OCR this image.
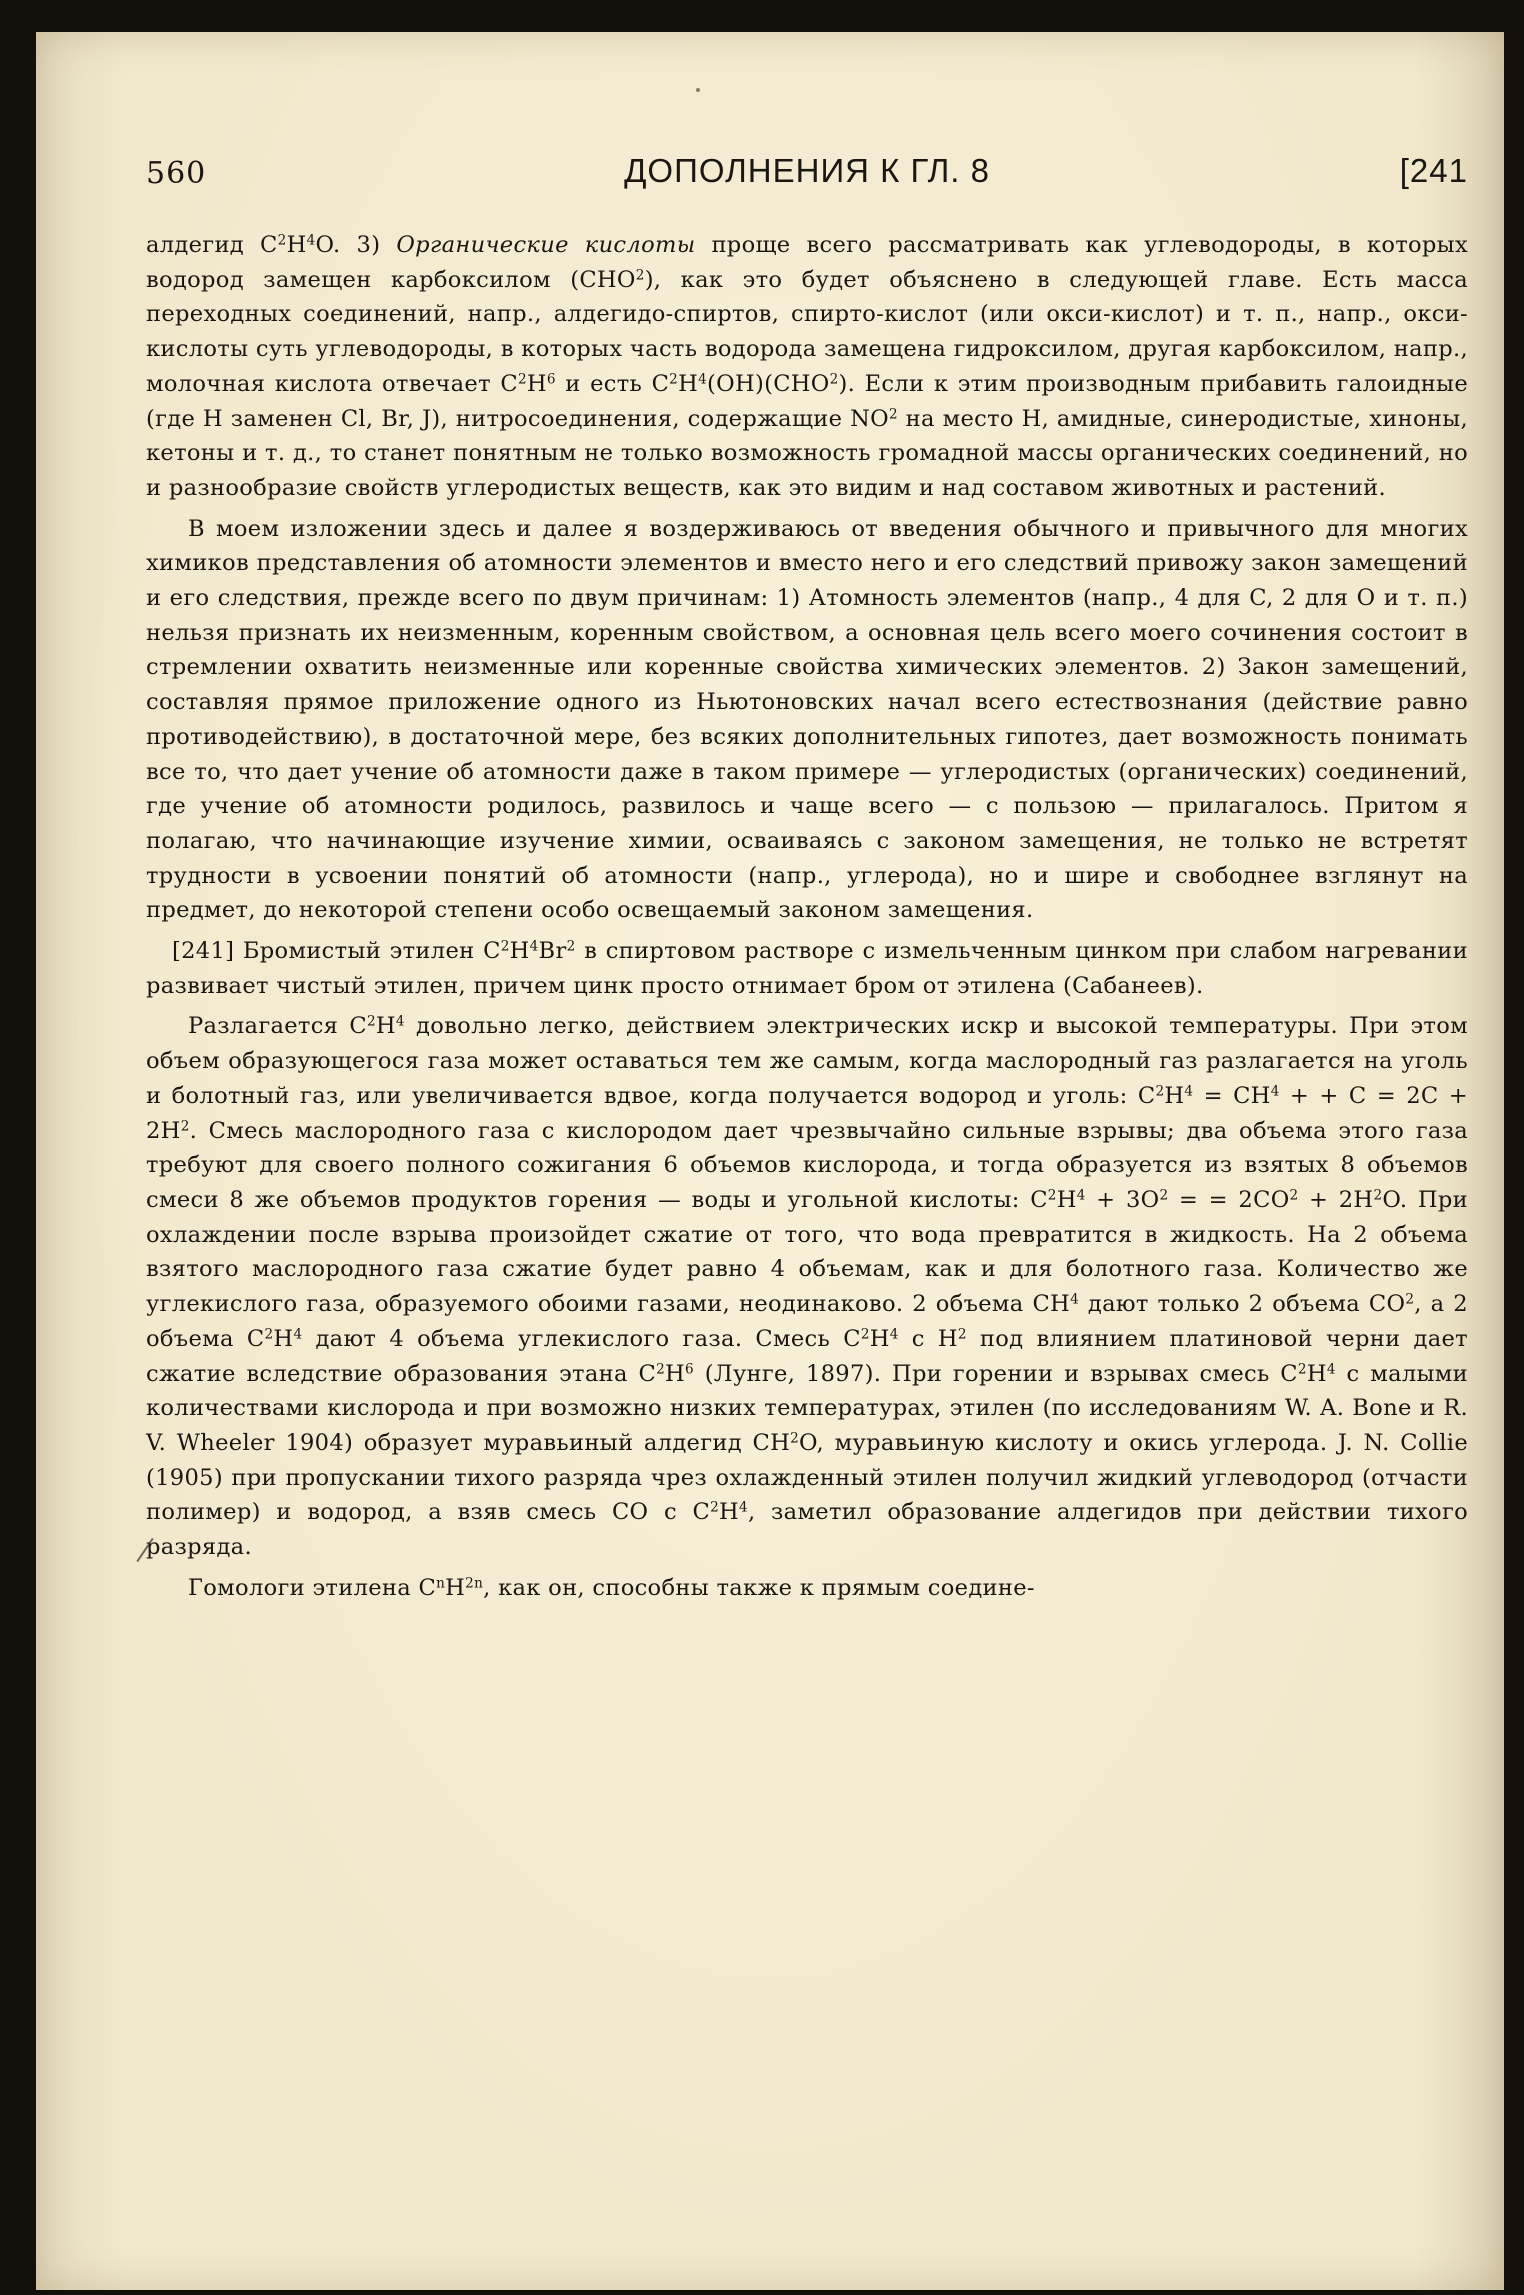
560	ДОПОЛНЕНИЯ К ГЛ. 8	[241

алдегид $C^2H^4O$. 3) Органические кислоты проще всего рассматривать как углеводороды, в которых водород замещен карбоксилом (CHO$^2$), как это будет объяснено в следующей главе. Есть масса переходных соединений, напр., алдегидо-спиртов, спирто-кислот (или окси-кислот) и т. п., напр., окси-кислоты суть углеводороды, в которых часть водорода замещена гидроксилом, другая карбоксилом, напр., молочная кислота отвечает $C^2H^6$ и есть $C^2H^4(OH)(CHO^2)$. Если к этим производным прибавить галоидные (где H заменен Cl, Br, J), нитросоединения, содержащие $NO^2$ на место H, амидные, синеродистые, хиноны, кетоны и т. д., то станет понятным не только возможность громадной массы органических соединений, но и разнообразие свойств углеродистых веществ, как это видим и над составом животных и растений.

В моем изложении здесь и далее я воздерживаюсь от введения обычного и привычного для многих химиков представления об атомности элементов и вместо него и его следствий привожу закон замещений и его следствия, прежде всего по двум причинам: 1) Атомность элементов (напр., 4 для C, 2 для O и т. п.) нельзя признать их неизменным, коренным свойством, а основная цель всего моего сочинения состоит в стремлении охватить неизменные или коренные свойства химических элементов. 2) Закон замещений, составляя прямое приложение одного из Ньютоновских начал всего естествознания (действие равно противодействию), в достаточной мере, без всяких дополнительных гипотез, дает возможность понимать все то, что дает учение об атомности даже в таком примере — углеродистых (органических) соединений, где учение об атомности родилось, развилось и чаще всего — с пользою — прилагалось. Притом я полагаю, что начинающие изучение химии, осваиваясь с законом замещения, не только не встретят трудности в усвоении понятий об атомности (напр., углерода), но и шире и свободнее взглянут на предмет, до некоторой степени особо освещаемый законом замещения.

[241] Бромистый этилен $C^2H^4Br^2$ в спиртовом растворе с измельченным цинком при слабом нагревании развивает чистый этилен, причем цинк просто отнимает бром от этилена (Сабанеев).

Разлагается $C^2H^4$ довольно легко, действием электрических искр и высокой температуры. При этом объем образующегося газа может оставаться тем же самым, когда маслородный газ разлагается на уголь и болотный газ, или увеличивается вдвое, когда получается водород и уголь: $C^2H^4 = CH^4$ + + $C = 2C + 2H^2$. Смесь маслородного газа с кислородом дает чрезвычайно сильные взрывы; два объема этого газа требуют для своего полного сожигания 6 объемов кислорода, и тогда образуется из взятых 8 объемов смеси 8 же объемов продуктов горения — воды и угольной кислоты: $C^2H^4 + 3O^2$ = = $2CO^2 + 2H^2O$. При охлаждении после взрыва произойдет сжатие от того, что вода превратится в жидкость. На 2 объема взятого маслородного газа сжатие будет равно 4 объемам, как и для болотного газа. Количество же углекислого газа, образуемого обоими газами, неодинаково. 2 объема $CH^4$ дают только 2 объема $CO^2$, а 2 объема $C^2H^4$ дают 4 объема углекислого газа. Смесь $C^2H^4$ с $H^2$ под влиянием платиновой черни дает сжатие вследствие образования этана $C^2H^6$ (Лунге, 1897). При горении и взрывах смесь $C^2H^4$ с малыми количествами кислорода и при возможно низких температурах, этилен (по исследованиям W. A. Bone и R. V. Wheeler 1904) образует муравьиный алдегид $CH^2O$, муравьиную кислоту и окись углерода. J. N. Collie (1905) при пропускании тихого разряда чрез охлажденный этилен получил жидкий углеводород (отчасти полимер) и водород, а взяв смесь CO с $C^2H^4$, заметил образование алдегидов при действии тихого разряда.

Гомологи этилена $C^nH^{2n}$, как он, способны также к прямым соедине-
